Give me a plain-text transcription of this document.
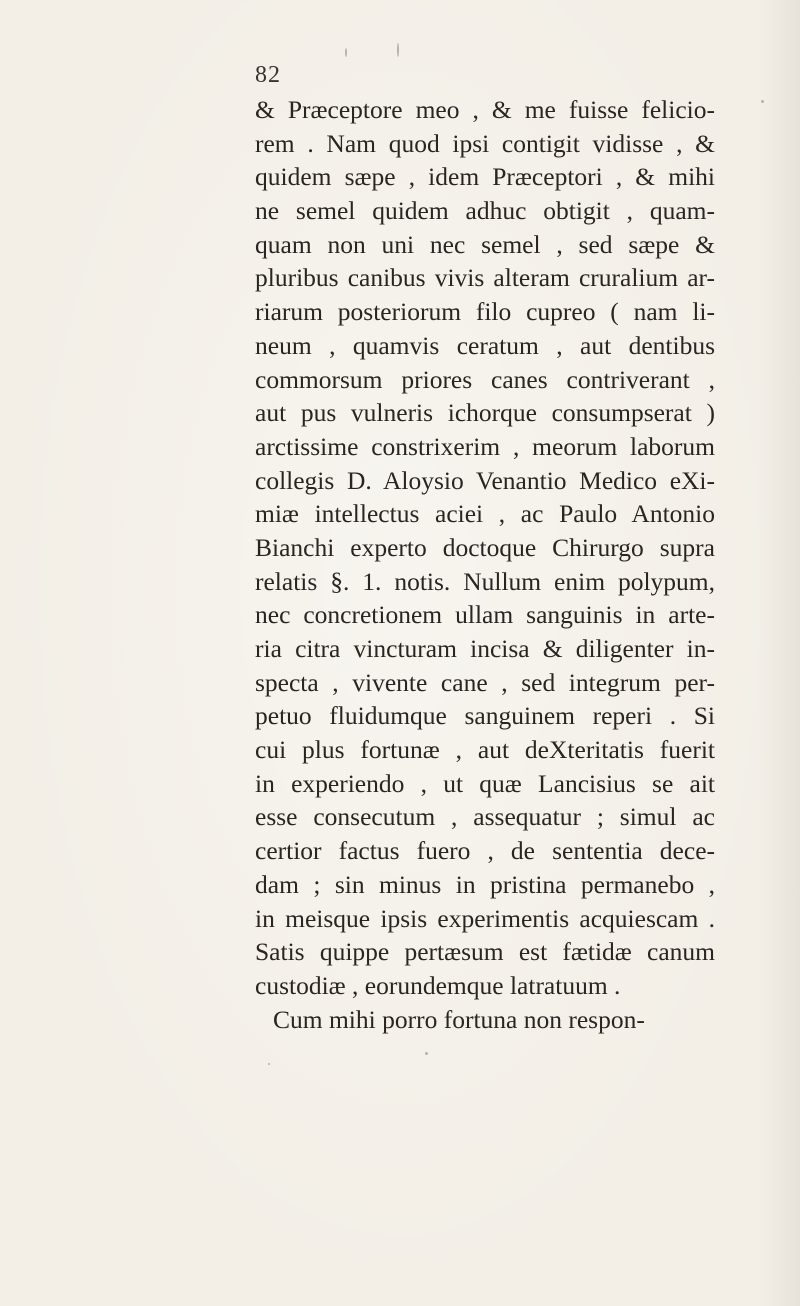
82
& Præceptore meo , & me fuisse felicio-
rem . Nam quod ipsi contigit vidisse , &
quidem sæpe , idem Præceptori , & mihi
ne semel quidem adhuc obtigit , quam-
quam non uni nec semel , sed sæpe &
pluribus canibus vivis alteram cruralium ar-
riarum posteriorum filo cupreo ( nam li-
neum , quamvis ceratum , aut dentibus
commorsum priores canes contriverant ,
aut pus vulneris ichorque consumpserat )
arctissime constrixerim , meorum laborum
collegis D. Aloysio Venantio Medico eXi-
miæ intellectus aciei , ac Paulo Antonio
Bianchi experto doctoque Chirurgo supra
relatis §. 1. notis. Nullum enim polypum,
nec concretionem ullam sanguinis in arte-
ria citra vincturam incisa & diligenter in-
specta , vivente cane , sed integrum per-
petuo fluidumque sanguinem reperi . Si
cui plus fortunæ , aut deXteritatis fuerit
in experiendo , ut quæ Lancisius se ait
esse consecutum , assequatur ; simul ac
certior factus fuero , de sententia dece-
dam ; sin minus in pristina permanebo ,
in meisque ipsis experimentis acquiescam .
Satis quippe pertæsum est fætidæ canum
custodiæ , eorundemque latratuum .
Cum mihi porro fortuna non respon-
